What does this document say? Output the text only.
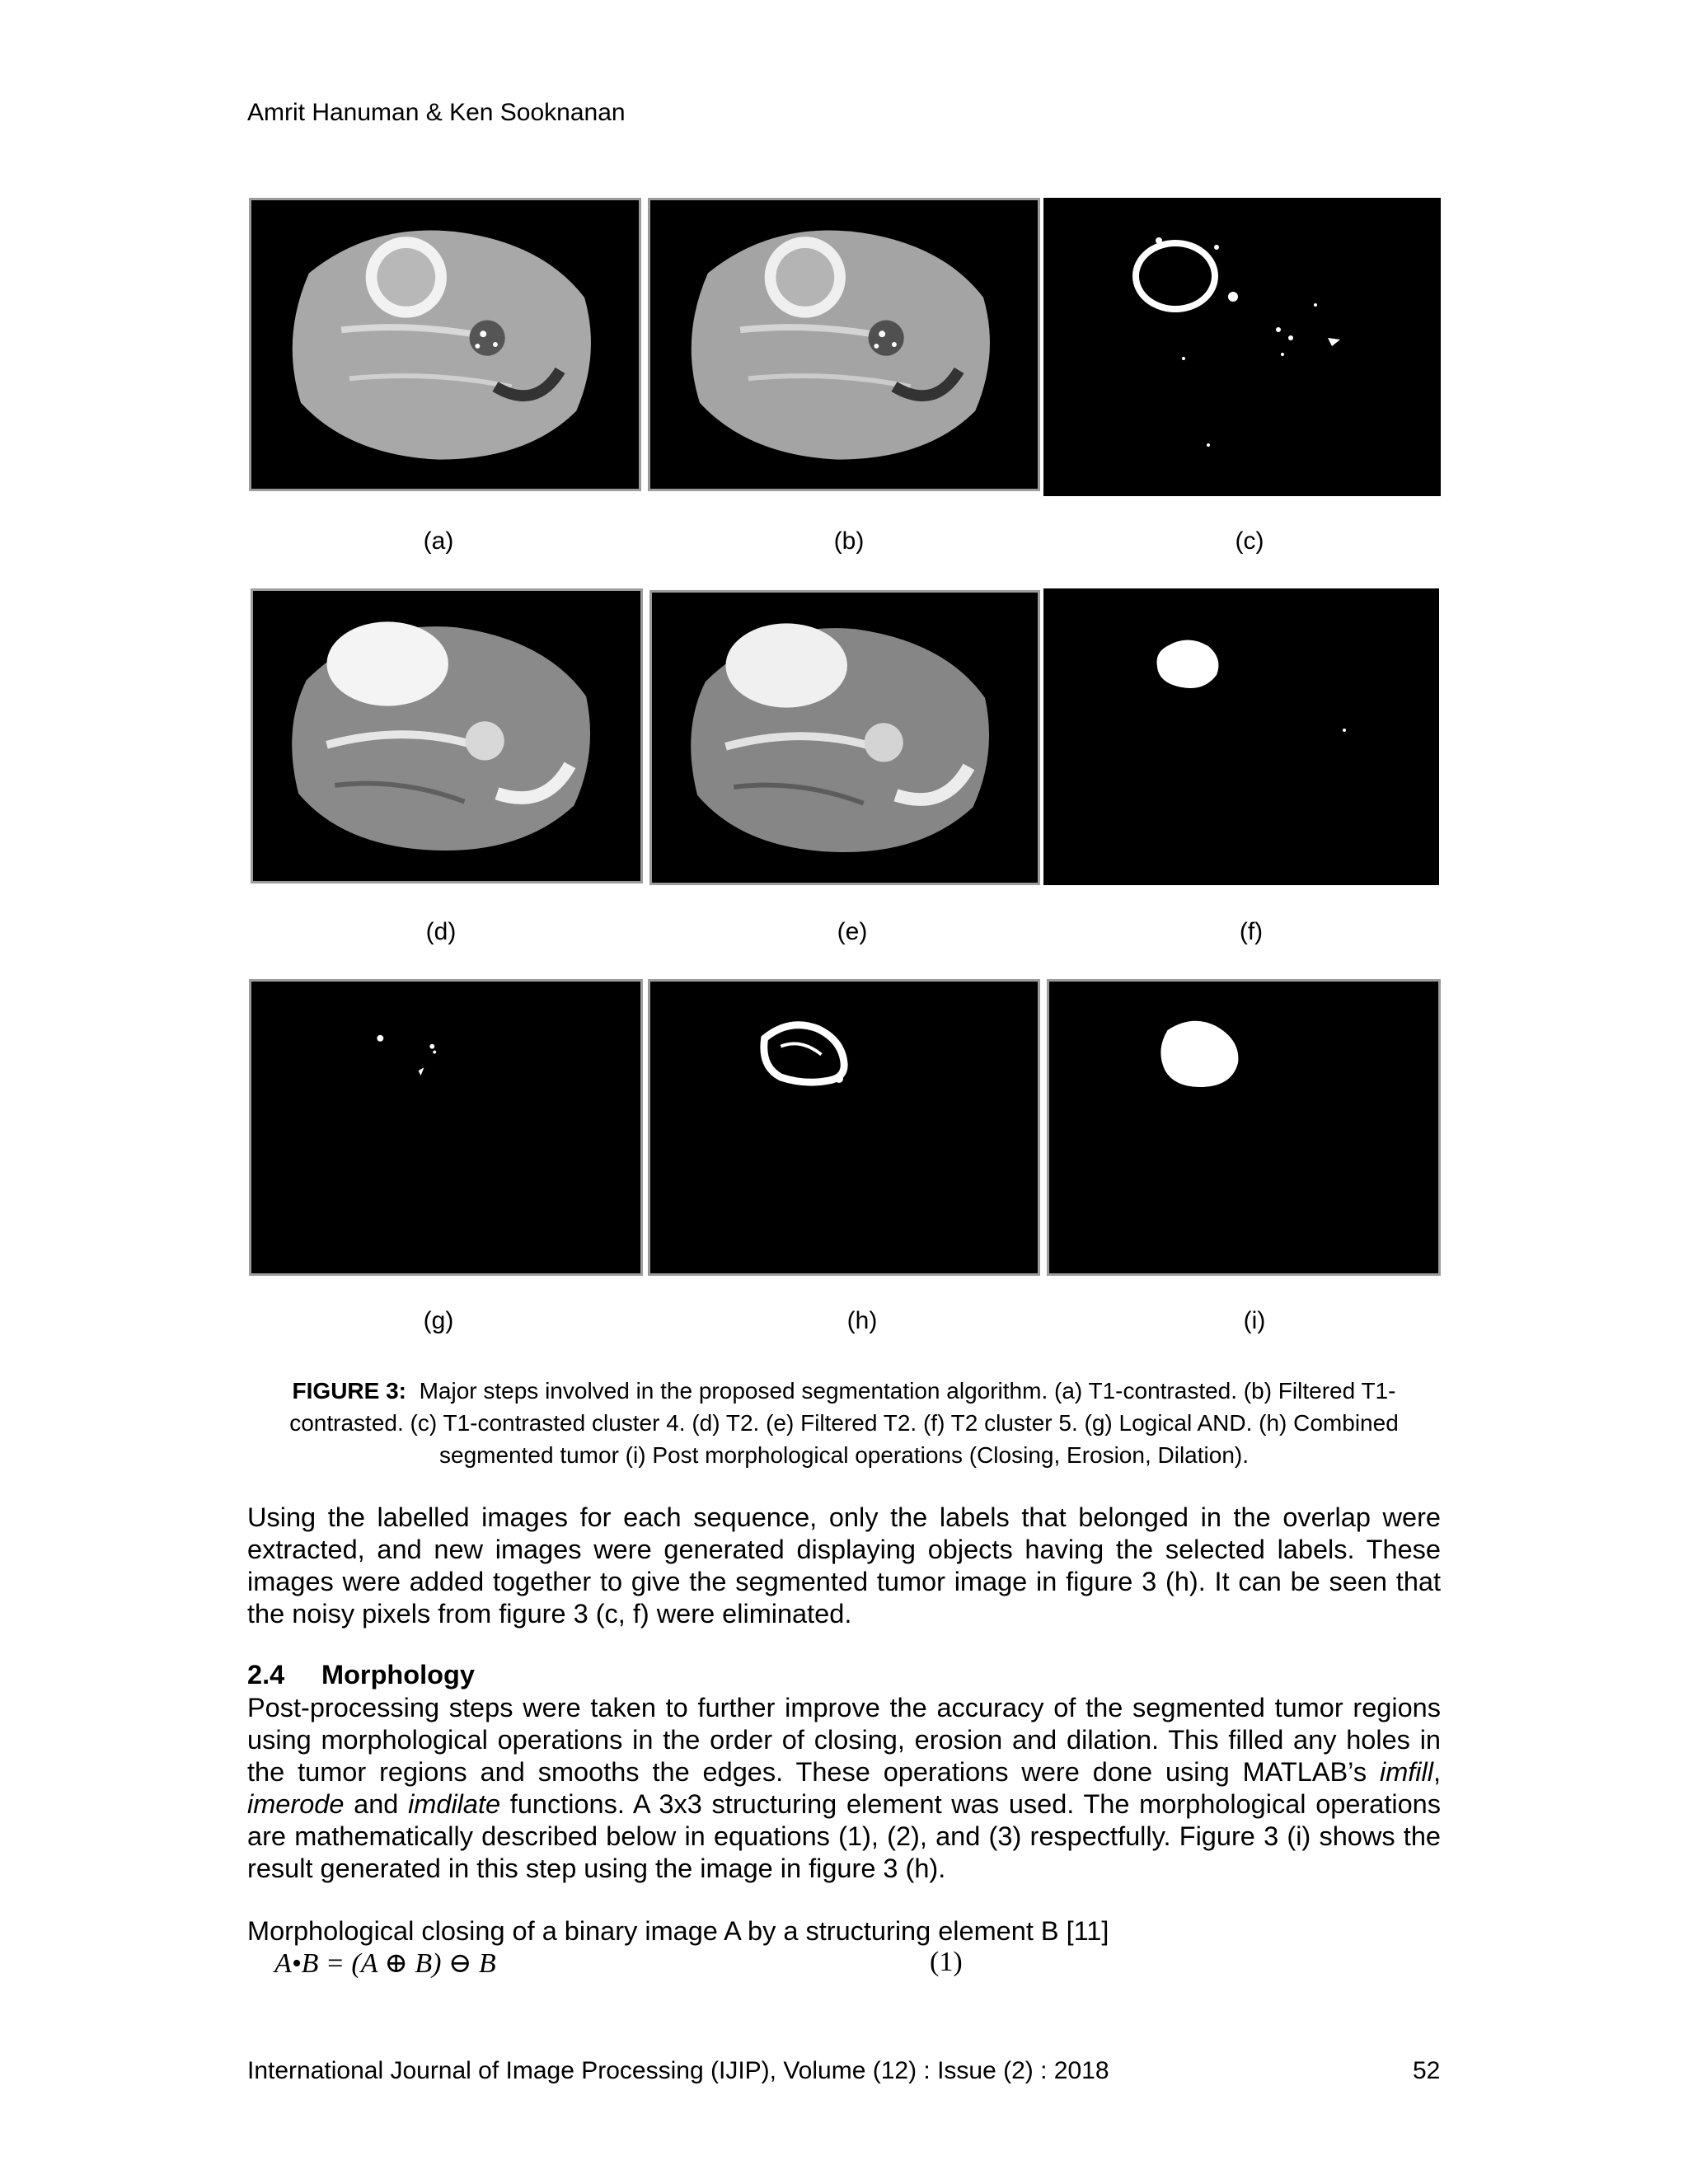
Amrit Hanuman & Ken Sooknanan
(a)	(b)	(c)
(d)	(e)	(f)
(g)	(h)	(i)
FIGURE 3: Major steps involved in the proposed segmentation algorithm. (a) T1-contrasted. (b) Filtered T1-contrasted. (c) T1-contrasted cluster 4. (d) T2. (e) Filtered T2. (f) T2 cluster 5. (g) Logical AND. (h) Combined segmented tumor (i) Post morphological operations (Closing, Erosion, Dilation).
Using the labelled images for each sequence, only the labels that belonged in the overlap were extracted, and new images were generated displaying objects having the selected labels. These images were added together to give the segmented tumor image in figure 3 (h). It can be seen that the noisy pixels from figure 3 (c, f) were eliminated.
2.4 Morphology
Post-processing steps were taken to further improve the accuracy of the segmented tumor regions using morphological operations in the order of closing, erosion and dilation. This filled any holes in the tumor regions and smooths the edges. These operations were done using MATLAB’s imfill, imerode and imdilate functions. A 3x3 structuring element was used. The morphological operations are mathematically described below in equations (1), (2), and (3) respectfully. Figure 3 (i) shows the result generated in this step using the image in figure 3 (h).
Morphological closing of a binary image A by a structuring element B [11]
A•B = (A ⊕ B) ⊖ B	(1)
International Journal of Image Processing (IJIP), Volume (12) : Issue (2) : 2018	52
